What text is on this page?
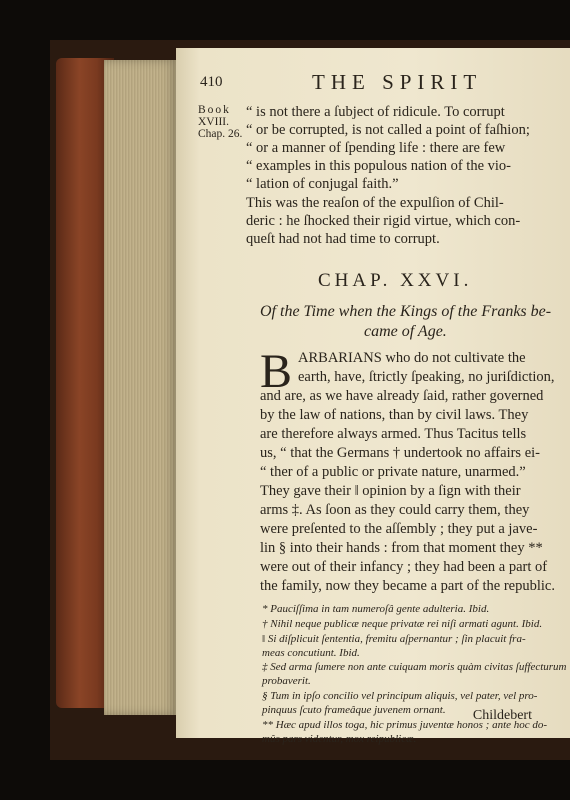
410	THE SPIRIT
Book
XVIII.
Chap. 26.
“ is not there a ſubject of ridicule. To corrupt
“ or be corrupted, is not called a point of faſhion;
“ or a manner of ſpending life : there are few
“ examples in this populous nation of the vio-
“ lation of conjugal faith.”
This was the reaſon of the expulſion of Chil-
deric : he ſhocked their rigid virtue, which con-
queſt had not had time to corrupt.
CHAP. XXVI.
Of the Time when the Kings of the Franks be-
came of Age.
B ARBARIANS who do not cultivate the
earth, have, ſtrictly ſpeaking, no juriſdiction,
and are, as we have already ſaid, rather governed
by the law of nations, than by civil laws. They
are therefore always armed. Thus Tacitus tells
us, “ that the Germans † undertook no affairs ei-
“ ther of a public or private nature, unarmed.”
They gave their ‖ opinion by a ſign with their
arms ‡. As ſoon as they could carry them, they
were preſented to the aſſembly ; they put a jave-
lin § into their hands : from that moment they **
were out of their infancy ; they had been a part of
the family, now they became a part of the republic.
* Pauciſſima in tam numeroſâ gente adulteria. Ibid.
† Nihil neque publicæ neque privatæ rei niſi armati agunt. Ibid.
‖ Si diſplicuit ſententia, fremitu aſpernantur ; ſin placuit fra-
meas concutiunt. Ibid.
‡ Sed arma ſumere non ante cuiquam moris quàm civitas ſuffecturum
probaverit.
§ Tum in ipſo concilio vel principum aliquis, vel pater, vel pro-
pinquus ſcuto frameâque juvenem ornant.
** Hæc apud illos toga, hic primus juventæ honos ; ante hoc do-
mûs pars videntur, mox reipublicæ.
Childebert
